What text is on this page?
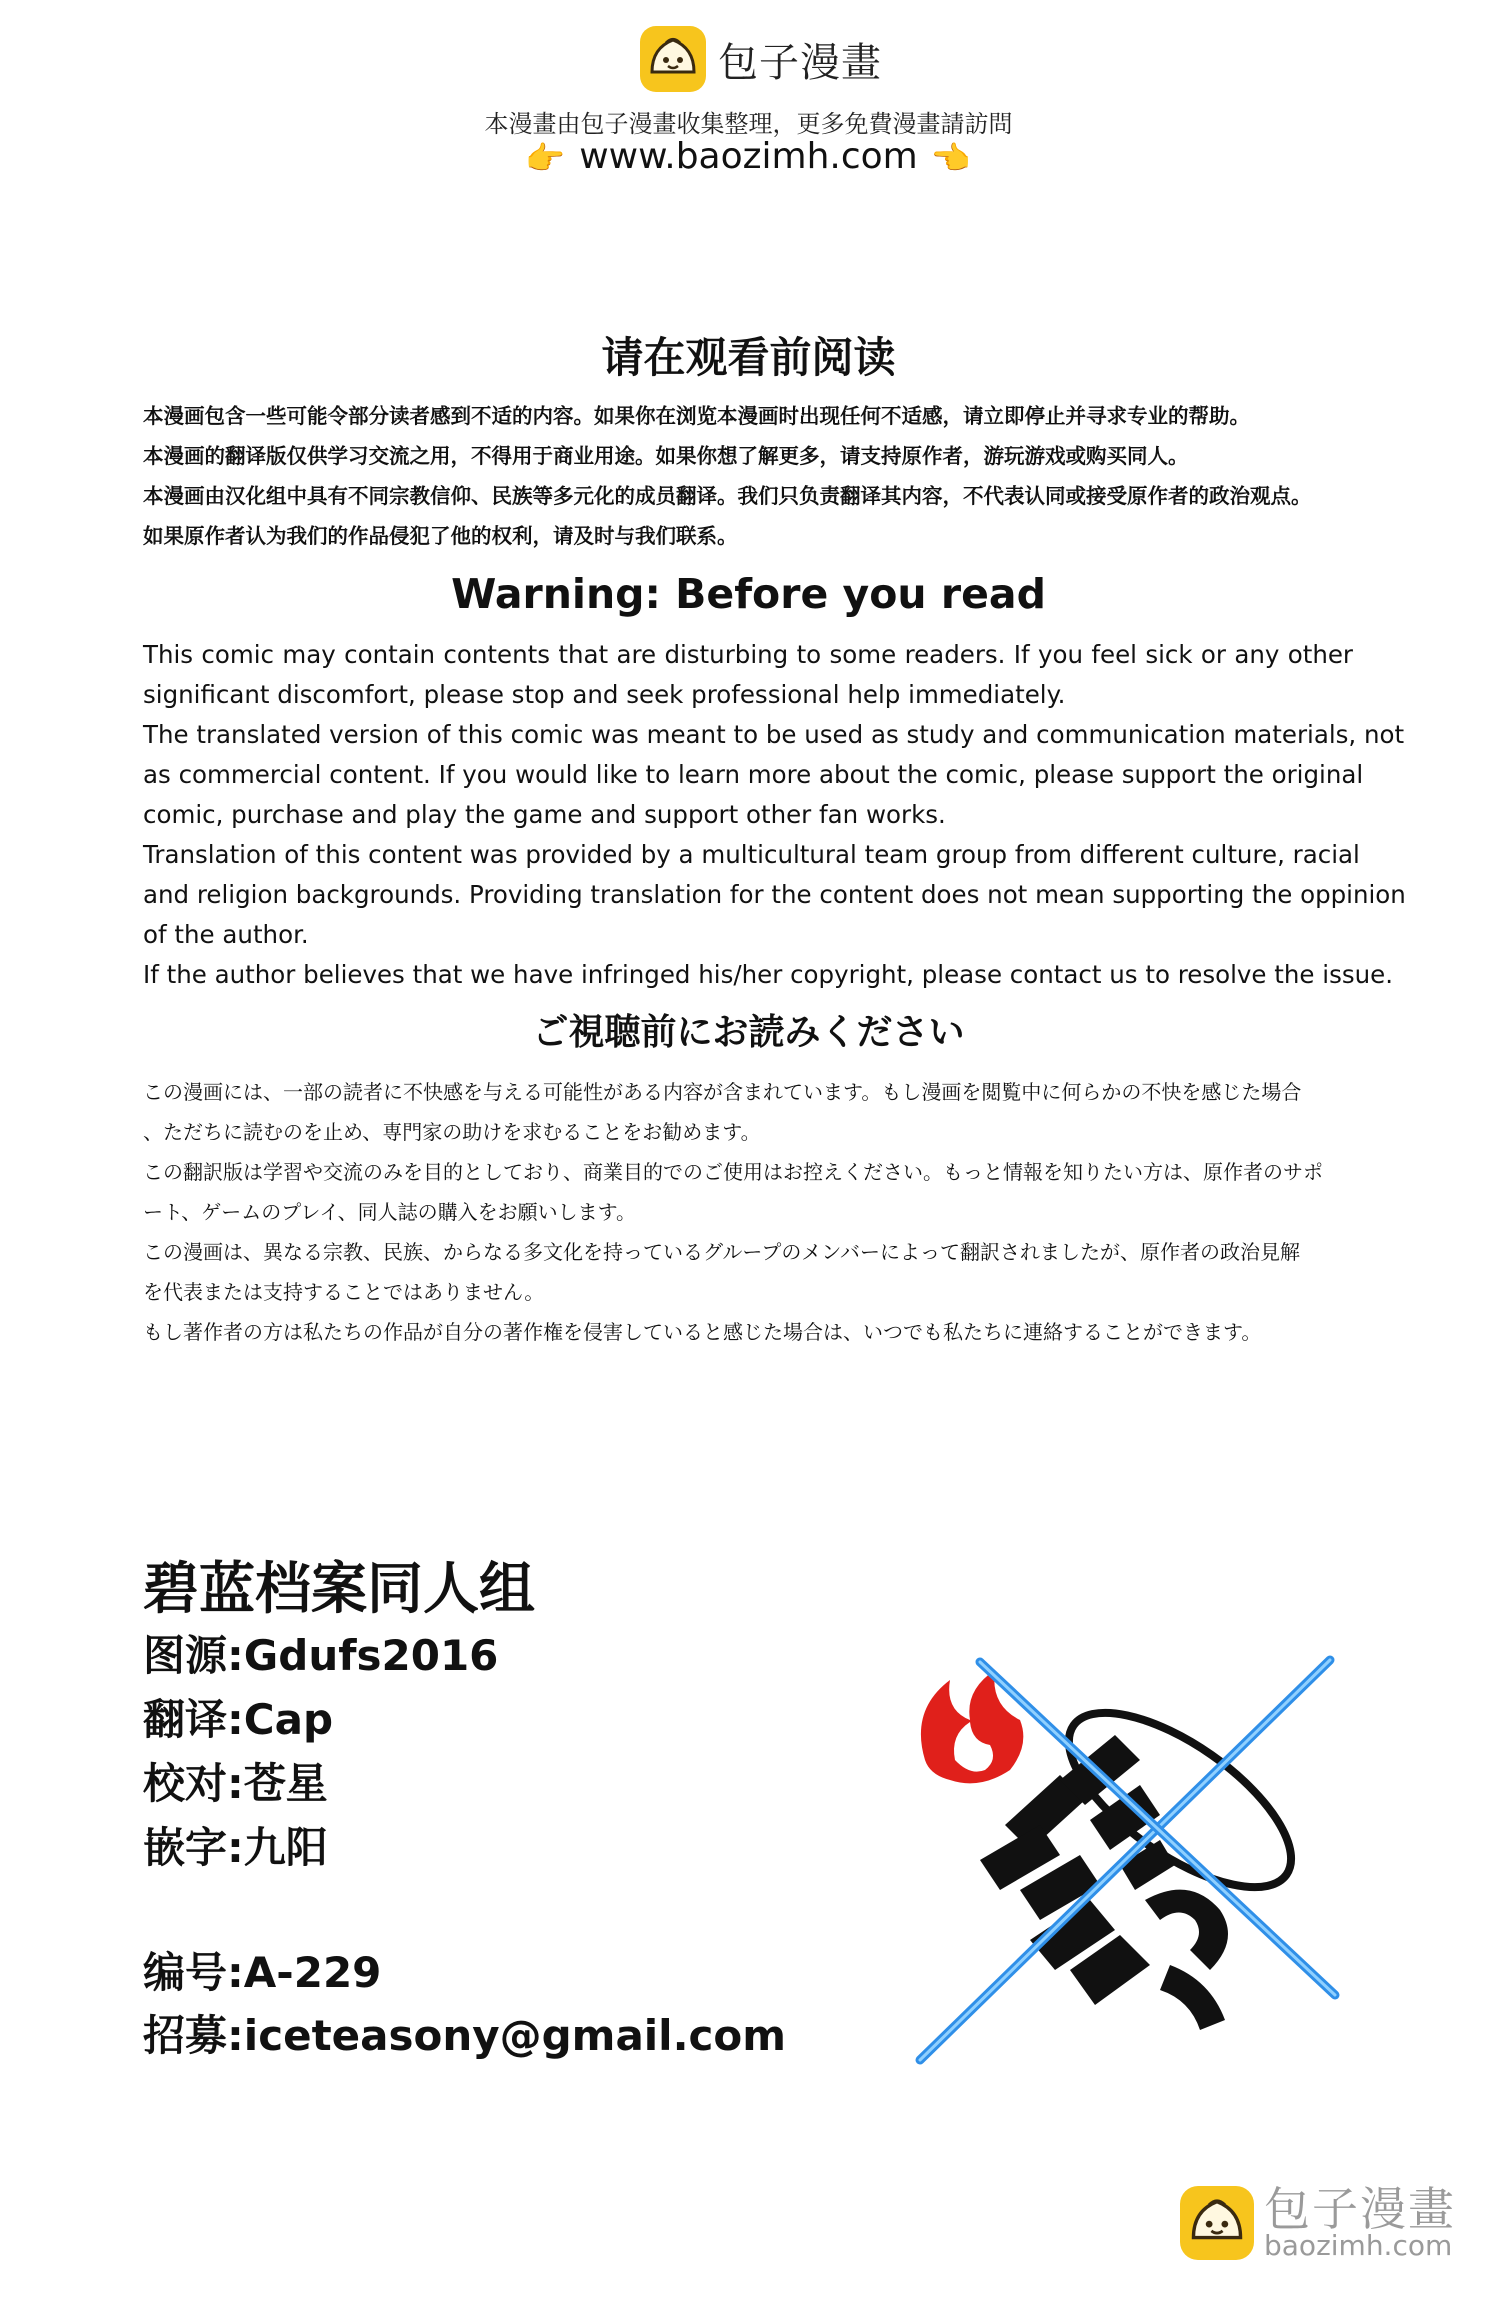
包子漫畫
本漫畫由包子漫畫收集整理，更多免費漫畫請訪問
👉 www.baozimh.com 👉
请在观看前阅读
本漫画包含一些可能令部分读者感到不适的内容。如果你在浏览本漫画时出现任何不适感，请立即停止并寻求专业的帮助。
本漫画的翻译版仅供学习交流之用，不得用于商业用途。如果你想了解更多，请支持原作者，游玩游戏或购买同人。
本漫画由汉化组中具有不同宗教信仰、民族等多元化的成员翻译。我们只负责翻译其内容，不代表认同或接受原作者的政治观点。
如果原作者认为我们的作品侵犯了他的权利，请及时与我们联系。
Warning: Before you read
This comic may contain contents that are disturbing to some readers. If you feel sick or any other
significant discomfort, please stop and seek professional help immediately.
The translated version of this comic was meant to be used as study and communication materials, not
as commercial content. If you would like to learn more about the comic, please support the original
comic, purchase and play the game and support other fan works.
Translation of this content was provided by a multicultural team group from different culture, racial
and religion backgrounds. Providing translation for the content does not mean supporting the oppinion
of the author.
If the author believes that we have infringed his/her copyright, please contact us to resolve the issue.
ご視聴前にお読みください
この漫画には、一部の読者に不快感を与える可能性がある内容が含まれています。もし漫画を閲覧中に何らかの不快を感じた場合
、ただちに読むのを止め、専門家の助けを求むることをお勧めます。
この翻訳版は学習や交流のみを目的としており、商業目的でのご使用はお控えください。もっと情報を知りたい方は、原作者のサポ
ート、ゲームのプレイ、同人誌の購入をお願いします。
この漫画は、異なる宗教、民族、からなる多文化を持っているグループのメンバーによって翻訳されましたが、原作者の政治見解
を代表または支持することではありません。
もし著作者の方は私たちの作品が自分の著作権を侵害していると感じた場合は、いつでも私たちに連絡することができます。
碧蓝档案同人组
图源:Gdufs2016
翻译:Cap
校对:苍星
嵌字:九阳
编号:A-229
招募:iceteasony@gmail.com
包子漫畫
baozimh.com
